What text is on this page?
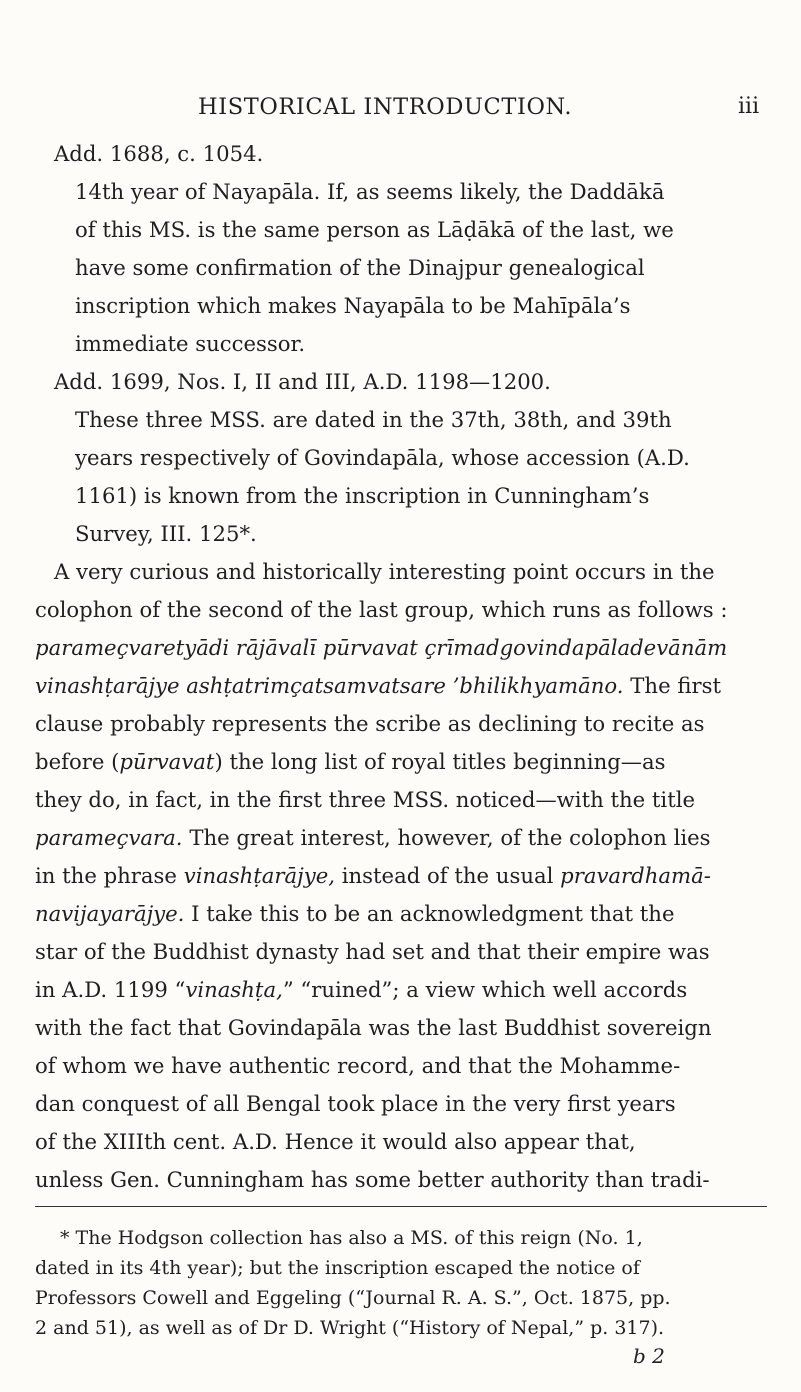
HISTORICAL INTRODUCTION.	iii
Add. 1688, c. 1054.
14th year of Nayapāla. If, as seems likely, the Daddākā
of this MS. is the same person as Lāḍākā of the last, we
have some confirmation of the Dinajpur genealogical
inscription which makes Nayapāla to be Mahīpāla’s
immediate successor.
Add. 1699, Nos. I, II and III, A.D. 1198—1200.
These three MSS. are dated in the 37th, 38th, and 39th
years respectively of Govindapāla, whose accession (A.D.
1161) is known from the inscription in Cunningham’s
Survey, III. 125*.
A very curious and historically interesting point occurs in the
colophon of the second of the last group, which runs as follows :
parameçvaretyādi rājāvalī pūrvavat çrīmadgovindapāladevānām
vinashṭarājye ashṭatrimçatsamvatsare ’bhilikhyamāno. The first
clause probably represents the scribe as declining to recite as
before (pūrvavat) the long list of royal titles beginning—as
they do, in fact, in the first three MSS. noticed—with the title
parameçvara. The great interest, however, of the colophon lies
in the phrase vinashṭarājye, instead of the usual pravardhamā-
navijayarājye. I take this to be an acknowledgment that the
star of the Buddhist dynasty had set and that their empire was
in A.D. 1199 “vinashṭa,” “ruined”; a view which well accords
with the fact that Govindapāla was the last Buddhist sovereign
of whom we have authentic record, and that the Mohamme-
dan conquest of all Bengal took place in the very first years
of the XIIIth cent. A.D. Hence it would also appear that,
unless Gen. Cunningham has some better authority than tradi-
* The Hodgson collection has also a MS. of this reign (No. 1,
dated in its 4th year); but the inscription escaped the notice of
Professors Cowell and Eggeling (“Journal R. A. S.”, Oct. 1875, pp.
2 and 51), as well as of Dr D. Wright (“History of Nepal,” p. 317).
b 2
